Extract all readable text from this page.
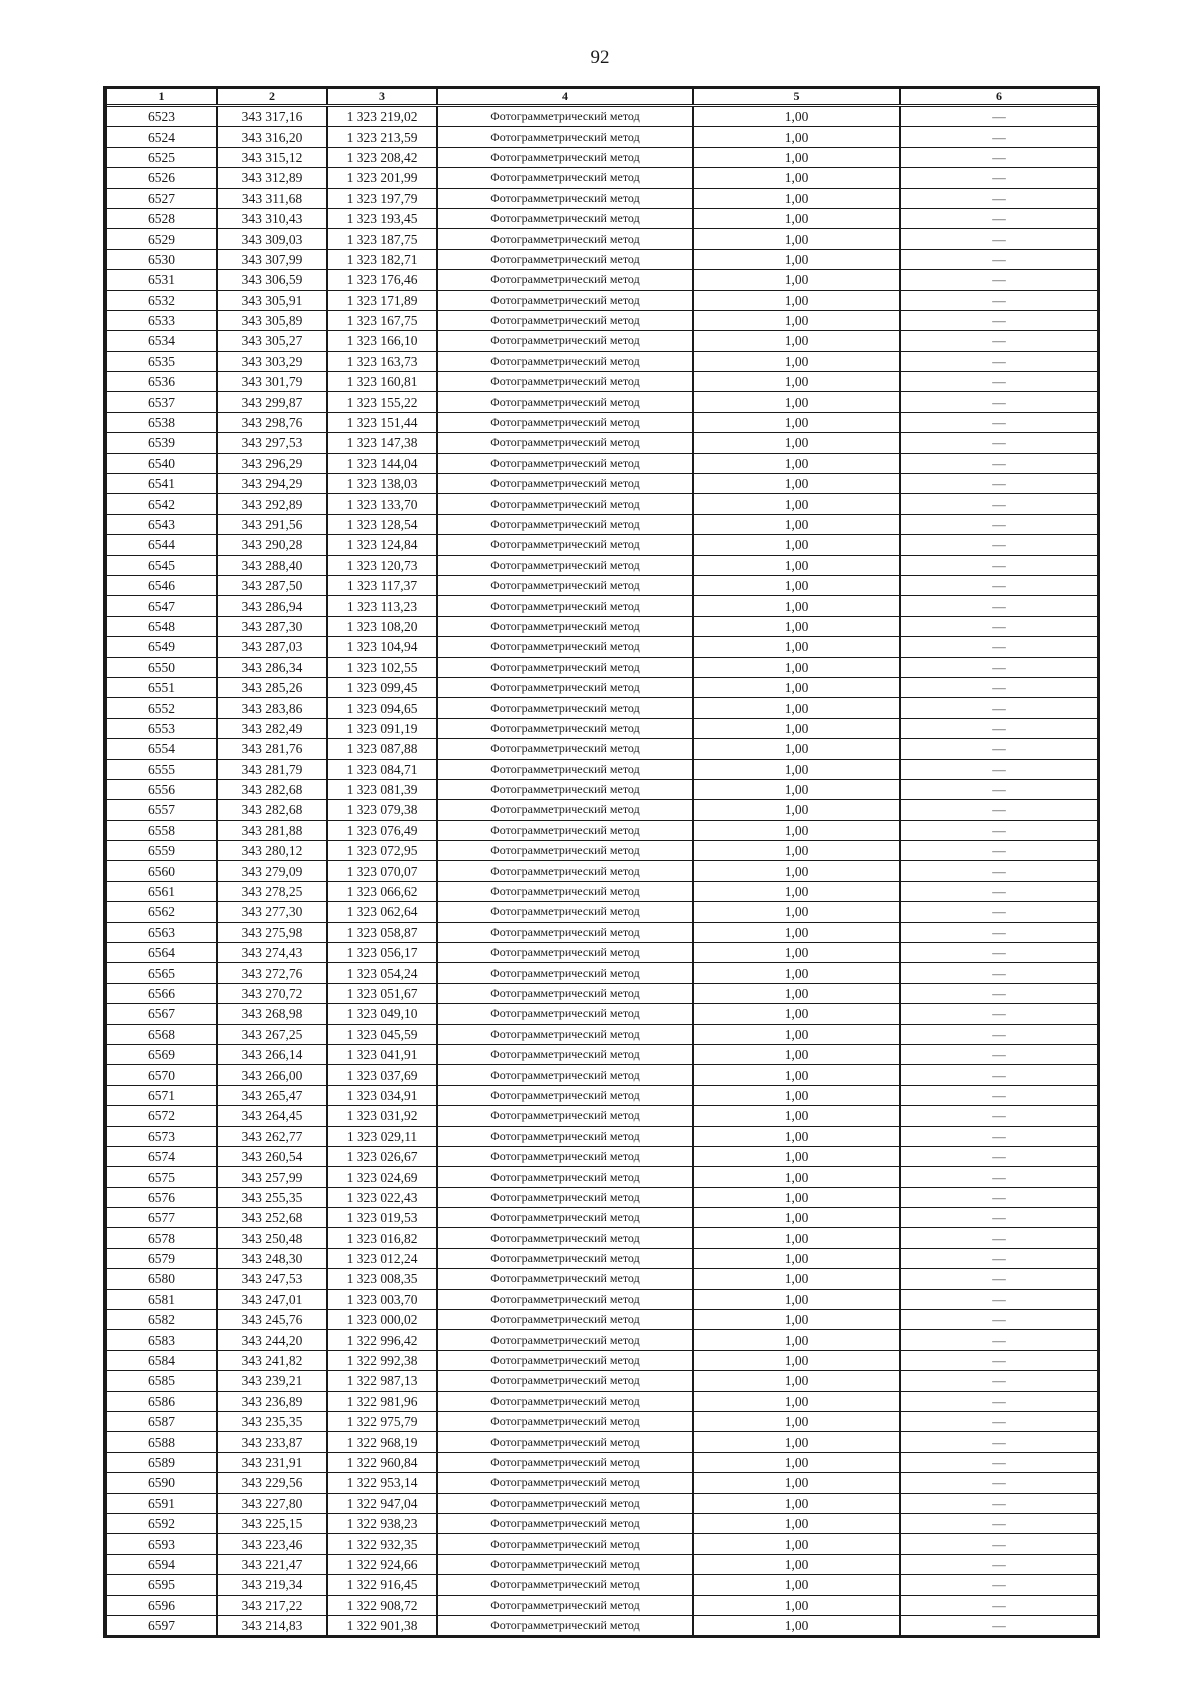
92
1	2	3	4	5	6
6523	343 317,16	1 323 219,02	Фотограмметрический метод	1,00	—
6524	343 316,20	1 323 213,59	Фотограмметрический метод	1,00	—
6525	343 315,12	1 323 208,42	Фотограмметрический метод	1,00	—
6526	343 312,89	1 323 201,99	Фотограмметрический метод	1,00	—
6527	343 311,68	1 323 197,79	Фотограмметрический метод	1,00	—
6528	343 310,43	1 323 193,45	Фотограмметрический метод	1,00	—
6529	343 309,03	1 323 187,75	Фотограмметрический метод	1,00	—
6530	343 307,99	1 323 182,71	Фотограмметрический метод	1,00	—
6531	343 306,59	1 323 176,46	Фотограмметрический метод	1,00	—
6532	343 305,91	1 323 171,89	Фотограмметрический метод	1,00	—
6533	343 305,89	1 323 167,75	Фотограмметрический метод	1,00	—
6534	343 305,27	1 323 166,10	Фотограмметрический метод	1,00	—
6535	343 303,29	1 323 163,73	Фотограмметрический метод	1,00	—
6536	343 301,79	1 323 160,81	Фотограмметрический метод	1,00	—
6537	343 299,87	1 323 155,22	Фотограмметрический метод	1,00	—
6538	343 298,76	1 323 151,44	Фотограмметрический метод	1,00	—
6539	343 297,53	1 323 147,38	Фотограмметрический метод	1,00	—
6540	343 296,29	1 323 144,04	Фотограмметрический метод	1,00	—
6541	343 294,29	1 323 138,03	Фотограмметрический метод	1,00	—
6542	343 292,89	1 323 133,70	Фотограмметрический метод	1,00	—
6543	343 291,56	1 323 128,54	Фотограмметрический метод	1,00	—
6544	343 290,28	1 323 124,84	Фотограмметрический метод	1,00	—
6545	343 288,40	1 323 120,73	Фотограмметрический метод	1,00	—
6546	343 287,50	1 323 117,37	Фотограмметрический метод	1,00	—
6547	343 286,94	1 323 113,23	Фотограмметрический метод	1,00	—
6548	343 287,30	1 323 108,20	Фотограмметрический метод	1,00	—
6549	343 287,03	1 323 104,94	Фотограмметрический метод	1,00	—
6550	343 286,34	1 323 102,55	Фотограмметрический метод	1,00	—
6551	343 285,26	1 323 099,45	Фотограмметрический метод	1,00	—
6552	343 283,86	1 323 094,65	Фотограмметрический метод	1,00	—
6553	343 282,49	1 323 091,19	Фотограмметрический метод	1,00	—
6554	343 281,76	1 323 087,88	Фотограмметрический метод	1,00	—
6555	343 281,79	1 323 084,71	Фотограмметрический метод	1,00	—
6556	343 282,68	1 323 081,39	Фотограмметрический метод	1,00	—
6557	343 282,68	1 323 079,38	Фотограмметрический метод	1,00	—
6558	343 281,88	1 323 076,49	Фотограмметрический метод	1,00	—
6559	343 280,12	1 323 072,95	Фотограмметрический метод	1,00	—
6560	343 279,09	1 323 070,07	Фотограмметрический метод	1,00	—
6561	343 278,25	1 323 066,62	Фотограмметрический метод	1,00	—
6562	343 277,30	1 323 062,64	Фотограмметрический метод	1,00	—
6563	343 275,98	1 323 058,87	Фотограмметрический метод	1,00	—
6564	343 274,43	1 323 056,17	Фотограмметрический метод	1,00	—
6565	343 272,76	1 323 054,24	Фотограмметрический метод	1,00	—
6566	343 270,72	1 323 051,67	Фотограмметрический метод	1,00	—
6567	343 268,98	1 323 049,10	Фотограмметрический метод	1,00	—
6568	343 267,25	1 323 045,59	Фотограмметрический метод	1,00	—
6569	343 266,14	1 323 041,91	Фотограмметрический метод	1,00	—
6570	343 266,00	1 323 037,69	Фотограмметрический метод	1,00	—
6571	343 265,47	1 323 034,91	Фотограмметрический метод	1,00	—
6572	343 264,45	1 323 031,92	Фотограмметрический метод	1,00	—
6573	343 262,77	1 323 029,11	Фотограмметрический метод	1,00	—
6574	343 260,54	1 323 026,67	Фотограмметрический метод	1,00	—
6575	343 257,99	1 323 024,69	Фотограмметрический метод	1,00	—
6576	343 255,35	1 323 022,43	Фотограмметрический метод	1,00	—
6577	343 252,68	1 323 019,53	Фотограмметрический метод	1,00	—
6578	343 250,48	1 323 016,82	Фотограмметрический метод	1,00	—
6579	343 248,30	1 323 012,24	Фотограмметрический метод	1,00	—
6580	343 247,53	1 323 008,35	Фотограмметрический метод	1,00	—
6581	343 247,01	1 323 003,70	Фотограмметрический метод	1,00	—
6582	343 245,76	1 323 000,02	Фотограмметрический метод	1,00	—
6583	343 244,20	1 322 996,42	Фотограмметрический метод	1,00	—
6584	343 241,82	1 322 992,38	Фотограмметрический метод	1,00	—
6585	343 239,21	1 322 987,13	Фотограмметрический метод	1,00	—
6586	343 236,89	1 322 981,96	Фотограмметрический метод	1,00	—
6587	343 235,35	1 322 975,79	Фотограмметрический метод	1,00	—
6588	343 233,87	1 322 968,19	Фотограмметрический метод	1,00	—
6589	343 231,91	1 322 960,84	Фотограмметрический метод	1,00	—
6590	343 229,56	1 322 953,14	Фотограмметрический метод	1,00	—
6591	343 227,80	1 322 947,04	Фотограмметрический метод	1,00	—
6592	343 225,15	1 322 938,23	Фотограмметрический метод	1,00	—
6593	343 223,46	1 322 932,35	Фотограмметрический метод	1,00	—
6594	343 221,47	1 322 924,66	Фотограмметрический метод	1,00	—
6595	343 219,34	1 322 916,45	Фотограмметрический метод	1,00	—
6596	343 217,22	1 322 908,72	Фотограмметрический метод	1,00	—
6597	343 214,83	1 322 901,38	Фотограмметрический метод	1,00	—
